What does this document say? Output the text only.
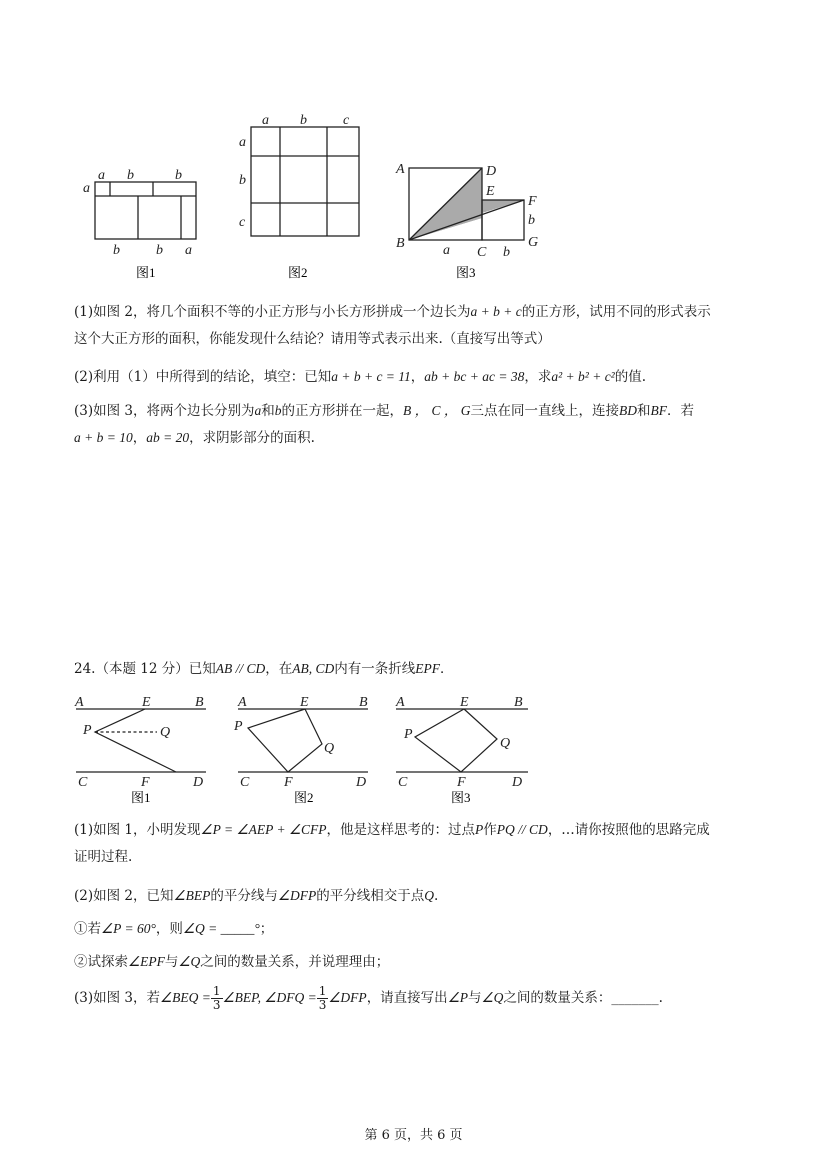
a b	b
a
b	b a
图1
a b	c
a
b
c
图2
A	D
E
F
B
C
G
a	b
b
图3
(1)如图 2，将几个面积不等的小正方形与小长方形拼成一个边长为a + b + c的正方形，试用不同的形式表示
这个大正方形的面积，你能发现什么结论？请用等式表示出来.（直接写出等式）
(2)利用（1）中所得到的结论，填空：已知a + b + c = 11，ab + bc + ac = 38，求a² + b² + c²的值.
(3)如图 3，将两个边长分别为a和b的正方形拼在一起，B ， C ， G三点在同一直线上，连接BD和BF．若
a + b = 10，ab = 20，求阴影部分的面积.
24.（本题 12 分）已知AB // CD，在AB, CD内有一条折线EPF．
A	E	B
P	Q
C	F	D
图1
A	E	B
P
Q
C F	D
图2
A	E	B
P
Q
C	F	D
图3
(1)如图 1，小明发现∠P = ∠AEP + ∠CFP，他是这样思考的：过点P作PQ // CD，…请你按照他的思路完成
证明过程.
(2)如图 2，已知∠BEP的平分线与∠DFP的平分线相交于点Q.
①若∠P = 60°，则∠Q = _____°；
②试探索∠EPF与∠Q之间的数量关系，并说理理由；
(3)如图 3，若∠BEQ = $\frac{1}{3}$ ∠BEP, ∠DFQ = $\frac{1}{3}$ ∠DFP，请直接写出∠P与∠Q之间的数量关系：_______.
第 6 页，共 6 页
